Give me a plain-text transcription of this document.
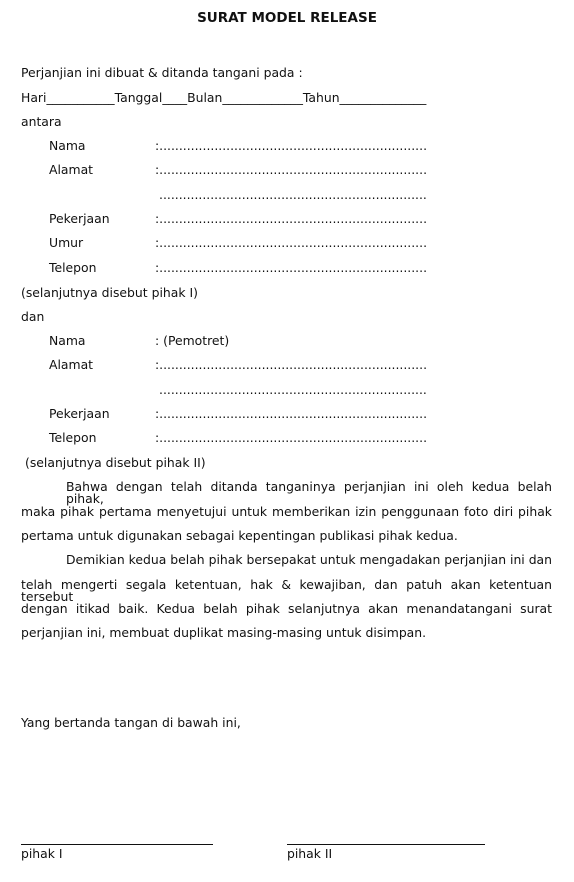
SURAT MODEL RELEASE
Perjanjian ini dibuat & ditanda tangani pada :
Hari___________Tanggal____Bulan_____________Tahun______________
antara
Nama	:....................................................................
Alamat	:....................................................................
....................................................................
Pekerjaan	:....................................................................
Umur	:....................................................................
Telepon	:....................................................................
(selanjutnya disebut pihak I)
dan
Nama	: (Pemotret)
Alamat	:....................................................................
....................................................................
Pekerjaan	:....................................................................
Telepon	:....................................................................
(selanjutnya disebut pihak II)
Bahwa dengan telah ditanda tanganinya perjanjian ini oleh kedua belah pihak,
maka pihak pertama menyetujui untuk memberikan izin penggunaan foto diri pihak
pertama untuk digunakan sebagai kepentingan publikasi pihak kedua.
Demikian kedua belah pihak bersepakat untuk mengadakan perjanjian ini dan
telah mengerti segala ketentuan, hak & kewajiban, dan patuh akan ketentuan tersebut
dengan itikad baik. Kedua belah pihak selanjutnya akan menandatangani surat
perjanjian ini, membuat duplikat masing-masing untuk disimpan.
Yang bertanda tangan di bawah ini,
pihak I	pihak II
